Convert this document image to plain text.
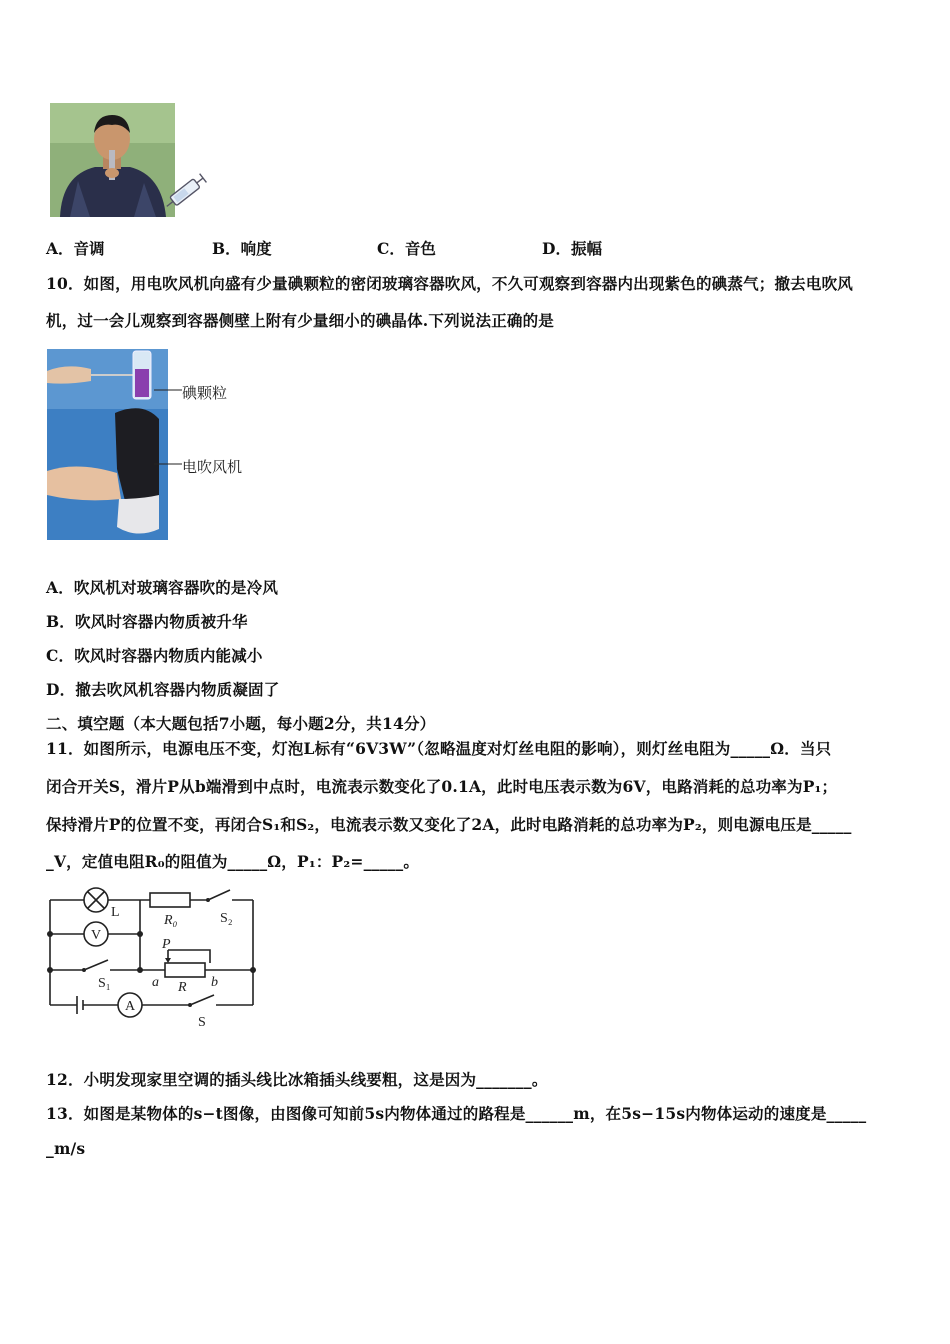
A．音调	B．响度	C．音色	D．振幅
10．如图，用电吹风机向盛有少量碘颗粒的密闭玻璃容器吹风，不久可观察到容器内出现紫色的碘蒸气；撤去电吹风
机，过一会儿观察到容器侧壁上附有少量细小的碘晶体.下列说法正确的是
碘颗粒
电吹风机
A．吹风机对玻璃容器吹的是冷风
B．吹风时容器内物质被升华
C．吹风时容器内物质内能减小
D．撤去吹风机容器内物质凝固了
二、填空题（本大题包括7小题，每小题2分，共14分）
11．如图所示，电源电压不变，灯泡L标有“6V3W”（忽略温度对灯丝电阻的影响），则灯丝电阻为_____Ω．当只
闭合开关S，滑片P从b端滑到中点时，电流表示数变化了0.1A，此时电压表示数为6V，电路消耗的总功率为P₁；
保持滑片P的位置不变，再闭合S₁和S₂，电流表示数又变化了2A，此时电路消耗的总功率为P₂，则电源电压是_____
_V，定值电阻R₀的阻值为_____Ω，P₁：P₂=_____。
L
V
A
R₀	S₂
S₁
P
R
a	b
S
12．小明发现家里空调的插头线比冰箱插头线要粗，这是因为_______。
13．如图是某物体的s−t图像，由图像可知前5s内物体通过的路程是______m，在5s−15s内物体运动的速度是_____
_m/s
